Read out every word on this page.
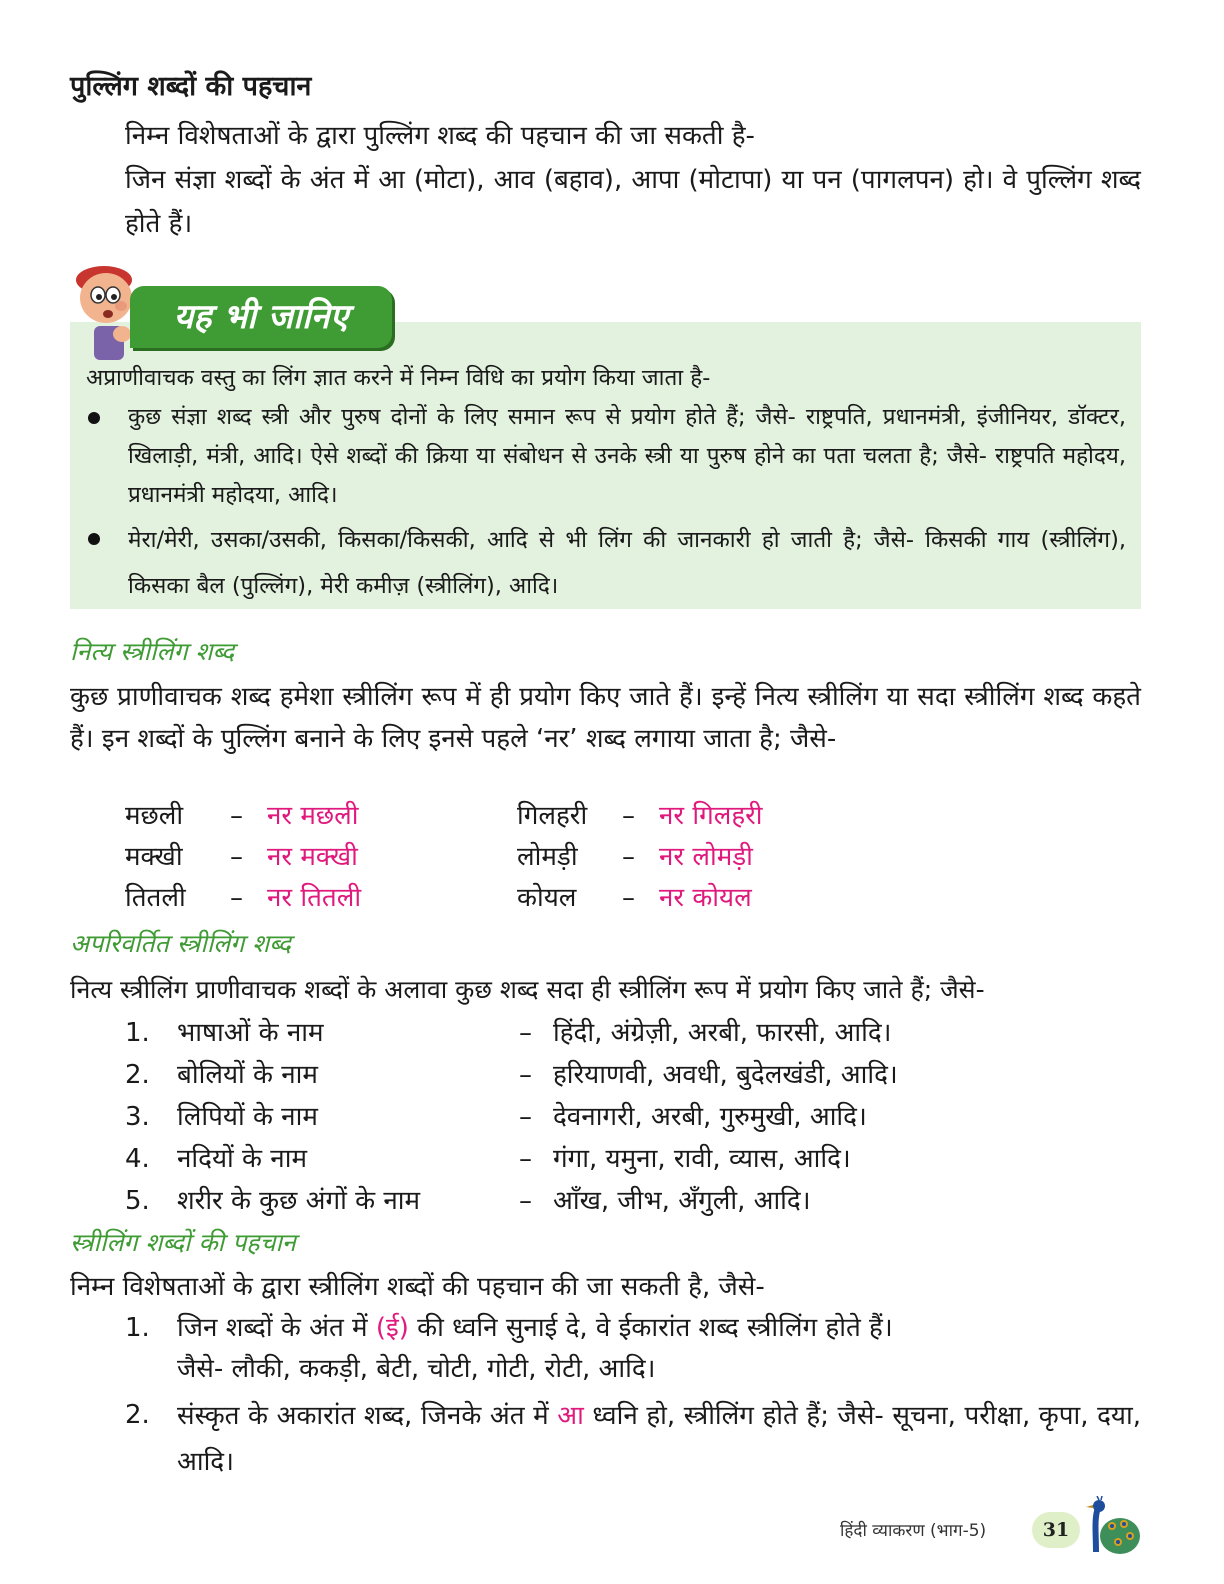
पुल्लिंग शब्दों की पहचान
निम्न विशेषताओं के द्वारा पुल्लिंग शब्द की पहचान की जा सकती है-
जिन संज्ञा शब्दों के अंत में आ (मोटा), आव (बहाव), आपा (मोटापा) या पन (पागलपन) हो। वे पुल्लिंग शब्द होते हैं।
यह भी जानिए
अप्राणीवाचक वस्तु का लिंग ज्ञात करने में निम्न विधि का प्रयोग किया जाता है-
कुछ संज्ञा शब्द स्त्री और पुरुष दोनों के लिए समान रूप से प्रयोग होते हैं; जैसे- राष्ट्रपति, प्रधानमंत्री, इंजीनियर, डॉक्टर, खिलाड़ी, मंत्री, आदि। ऐसे शब्दों की क्रिया या संबोधन से उनके स्त्री या पुरुष होने का पता चलता है; जैसे- राष्ट्रपति महोदय, प्रधानमंत्री महोदया, आदि।
मेरा/मेरी, उसका/उसकी, किसका/किसकी, आदि से भी लिंग की जानकारी हो जाती है; जैसे- किसकी गाय (स्त्रीलिंग), किसका बैल (पुल्लिंग), मेरी कमीज़ (स्त्रीलिंग), आदि।
नित्य स्त्रीलिंग शब्द
कुछ प्राणीवाचक शब्द हमेशा स्त्रीलिंग रूप में ही प्रयोग किए जाते हैं। इन्हें नित्य स्त्रीलिंग या सदा स्त्रीलिंग शब्द कहते हैं। इन शब्दों के पुल्लिंग बनाने के लिए इनसे पहले ‘नर’ शब्द लगाया जाता है; जैसे-
मछली – नर मछली	गिलहरी – नर गिलहरी
मक्खी – नर मक्खी	लोमड़ी – नर लोमड़ी
तितली – नर तितली	कोयल – नर कोयल
अपरिवर्तित स्त्रीलिंग शब्द
नित्य स्त्रीलिंग प्राणीवाचक शब्दों के अलावा कुछ शब्द सदा ही स्त्रीलिंग रूप में प्रयोग किए जाते हैं; जैसे-
1. भाषाओं के नाम	– हिंदी, अंग्रेज़ी, अरबी, फारसी, आदि।
2. बोलियों के नाम	– हरियाणवी, अवधी, बुदेलखंडी, आदि।
3. लिपियों के नाम	– देवनागरी, अरबी, गुरुमुखी, आदि।
4. नदियों के नाम	– गंगा, यमुना, रावी, व्यास, आदि।
5. शरीर के कुछ अंगों के नाम	– आँख, जीभ, अँगुली, आदि।
स्त्रीलिंग शब्दों की पहचान
निम्न विशेषताओं के द्वारा स्त्रीलिंग शब्दों की पहचान की जा सकती है, जैसे-
1. जिन शब्दों के अंत में (ई) की ध्वनि सुनाई दे, वे ईकारांत शब्द स्त्रीलिंग होते हैं।
जैसे- लौकी, ककड़ी, बेटी, चोटी, गोटी, रोटी, आदि।
2. संस्कृत के अकारांत शब्द, जिनके अंत में आ ध्वनि हो, स्त्रीलिंग होते हैं; जैसे- सूचना, परीक्षा, कृपा, दया, आदि।
हिंदी व्याकरण (भाग-5)	31
